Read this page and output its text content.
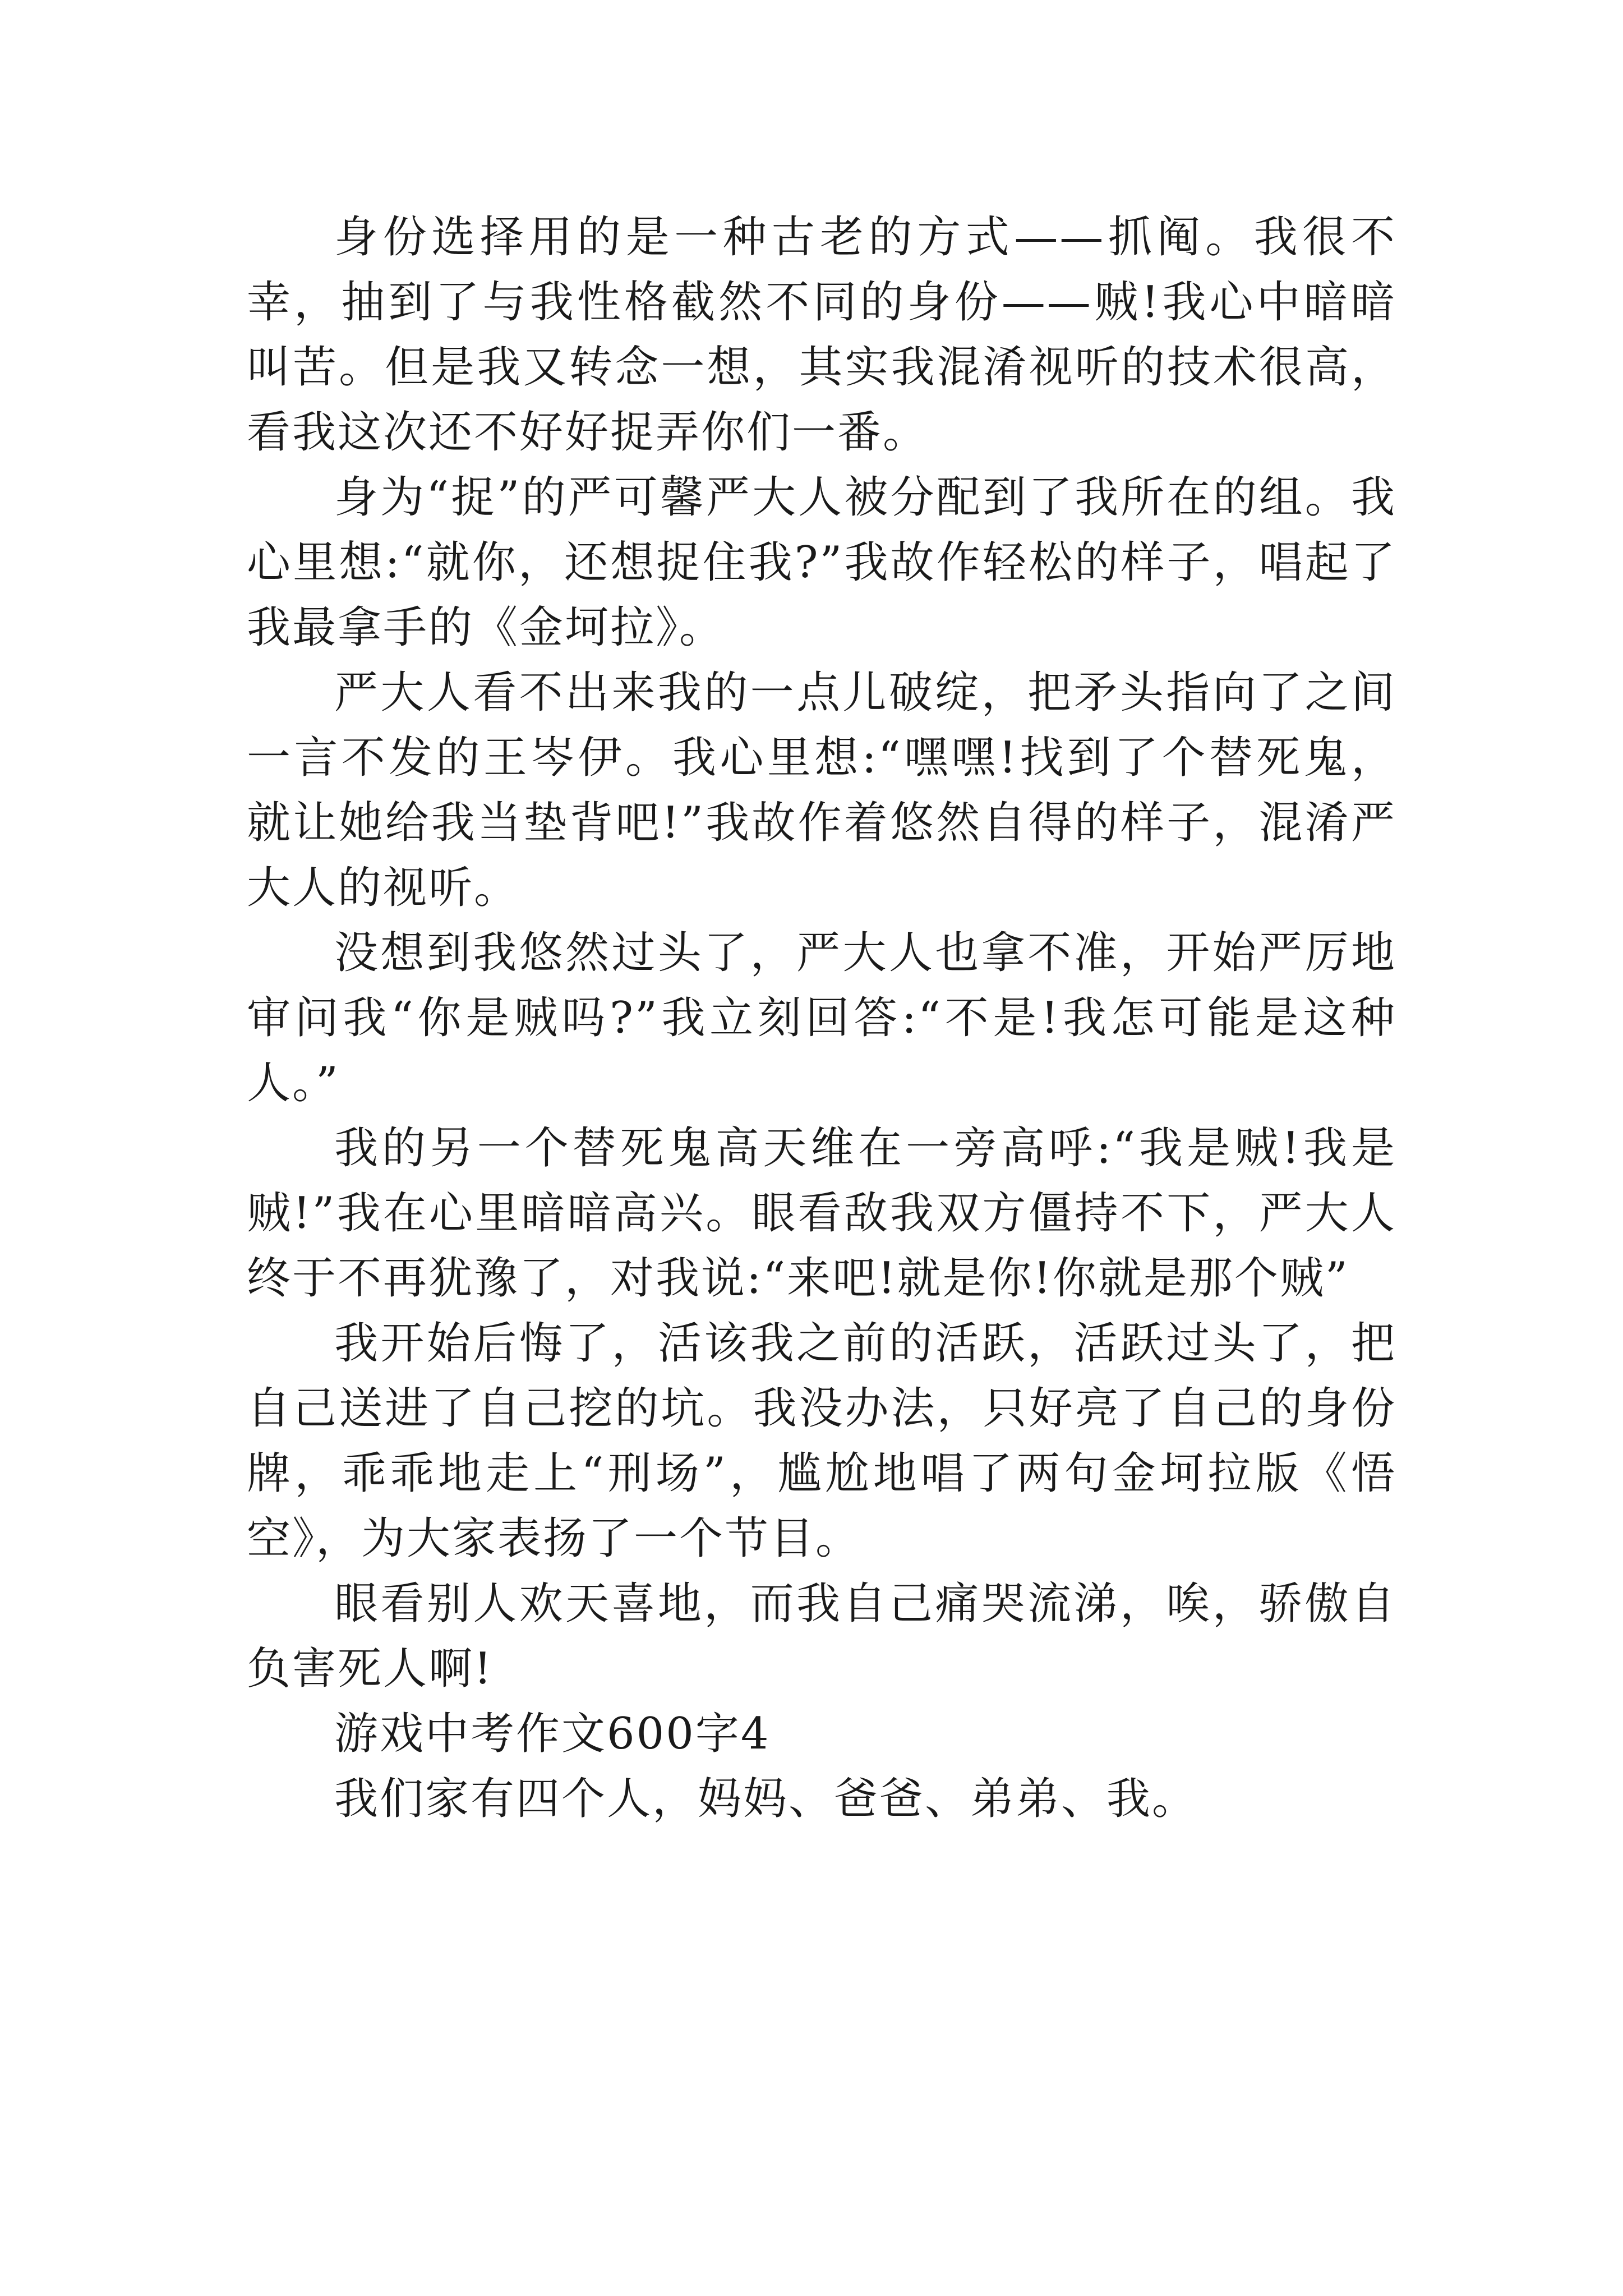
身份选择用的是一种古老的方式——抓阄。我很不幸，抽到了与我性格截然不同的身份——贼!我心中暗暗叫苦。但是我又转念一想，其实我混淆视听的技术很高，看我这次还不好好捉弄你们一番。

身为“捉”的严可馨严大人被分配到了我所在的组。我心里想:“就你，还想捉住我?”我故作轻松的样子，唱起了我最拿手的《金坷拉》。

严大人看不出来我的一点儿破绽，把矛头指向了之间一言不发的王岑伊。我心里想:“嘿嘿!找到了个替死鬼，就让她给我当垫背吧!”我故作着悠然自得的样子，混淆严大人的视听。

没想到我悠然过头了，严大人也拿不准，开始严厉地审问我“你是贼吗?”我立刻回答:“不是!我怎可能是这种人。”

我的另一个替死鬼高天维在一旁高呼:“我是贼!我是贼!”我在心里暗暗高兴。眼看敌我双方僵持不下，严大人终于不再犹豫了，对我说:“来吧!就是你!你就是那个贼”

我开始后悔了，活该我之前的活跃，活跃过头了，把自己送进了自己挖的坑。我没办法，只好亮了自己的身份牌，乖乖地走上“刑场”，尴尬地唱了两句金坷拉版《悟空》，为大家表扬了一个节目。

眼看别人欢天喜地，而我自己痛哭流涕，唉，骄傲自负害死人啊!

游戏中考作文600字4

我们家有四个人，妈妈、爸爸、弟弟、我。
